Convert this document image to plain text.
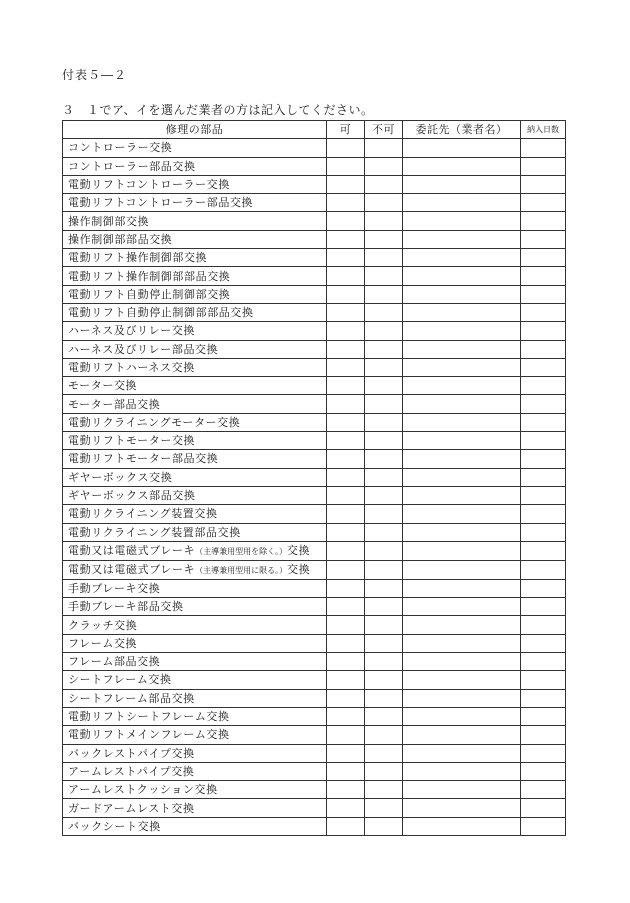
付表５―２
３　１でア、イを選んだ業者の方は記入してください。
修理の部品	可	不可	委託先（業者名）	納入日数
コントローラー交換				
コントローラー部品交換				
電動リフトコントローラー交換				
電動リフトコントローラー部品交換				
操作制御部交換				
操作制御部部品交換				
電動リフト操作制御部交換				
電動リフト操作制御部部品交換				
電動リフト自動停止制御部交換				
電動リフト自動停止制御部部品交換				
ハーネス及びリレー交換				
ハーネス及びリレー部品交換				
電動リフトハーネス交換				
モーター交換				
モーター部品交換				
電動リクライニングモーター交換				
電動リフトモーター交換				
電動リフトモーター部品交換				
ギヤーボックス交換				
ギヤーボックス部品交換				
電動リクライニング装置交換				
電動リクライニング装置部品交換				
電動又は電磁式ブレーキ（主導兼用型用を除く。）交換				
電動又は電磁式ブレーキ（主導兼用型用に限る。）交換				
手動ブレーキ交換				
手動ブレーキ部品交換				
クラッチ交換				
フレーム交換				
フレーム部品交換				
シートフレーム交換				
シートフレーム部品交換				
電動リフトシートフレーム交換				
電動リフトメインフレーム交換				
バックレストパイプ交換				
アームレストパイプ交換				
アームレストクッション交換				
ガードアームレスト交換				
バックシート交換				
